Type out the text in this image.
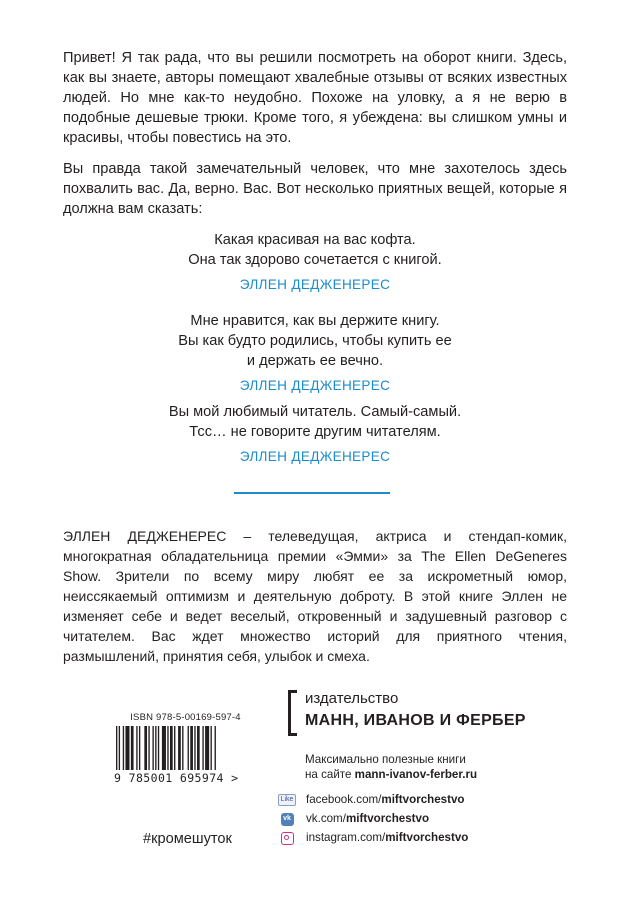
Привет! Я так рада, что вы решили посмотреть на оборот книги. Здесь, как вы знаете, авторы помещают хвалебные отзывы от всяких известных людей. Но мне как-то неудобно. Похоже на уловку, а я не верю в подобные дешевые трюки. Кроме того, я убеждена: вы слишком умны и красивы, чтобы повестись на это.

Вы правда такой замечательный человек, что мне захотелось здесь похвалить вас. Да, верно. Вас. Вот несколько приятных вещей, которые я должна вам сказать:

Какая красивая на вас кофта.
Она так здорово сочетается с книгой.
ЭЛЛЕН ДЕДЖЕНЕРЕС
Мне нравится, как вы держите книгу.
Вы как будто родились, чтобы купить ее
и держать ее вечно.
ЭЛЛЕН ДЕДЖЕНЕРЕС
Вы мой любимый читатель. Самый-самый.
Тсс… не говорите другим читателям.
ЭЛЛЕН ДЕДЖЕНЕРЕС

ЭЛЛЕН ДЕДЖЕНЕРЕС – телеведущая, актриса и стендап-комик, многократная обладательница премии «Эмми» за The Ellen DeGeneres Show. Зрители по всему миру любят ее за искрометный юмор, неиссякаемый оптимизм и деятельную доброту. В этой книге Эллен не изменяет себе и ведет веселый, откровенный и задушевный разговор с читателем. Вас ждет множество историй для приятного чтения, размышлений, принятия себя, улыбок и смеха.

ISBN 978-5-00169-597-4
9 785001 695974 >
издательство
МАНН, ИВАНОВ И ФЕРБЕР
Максимально полезные книги
на сайте mann-ivanov-ferber.ru
Like facebook.com/ miftvorchestvo
vk vk.com/ miftvorchestvo
instagram.com/ miftvorchestvo
#кромешуток
